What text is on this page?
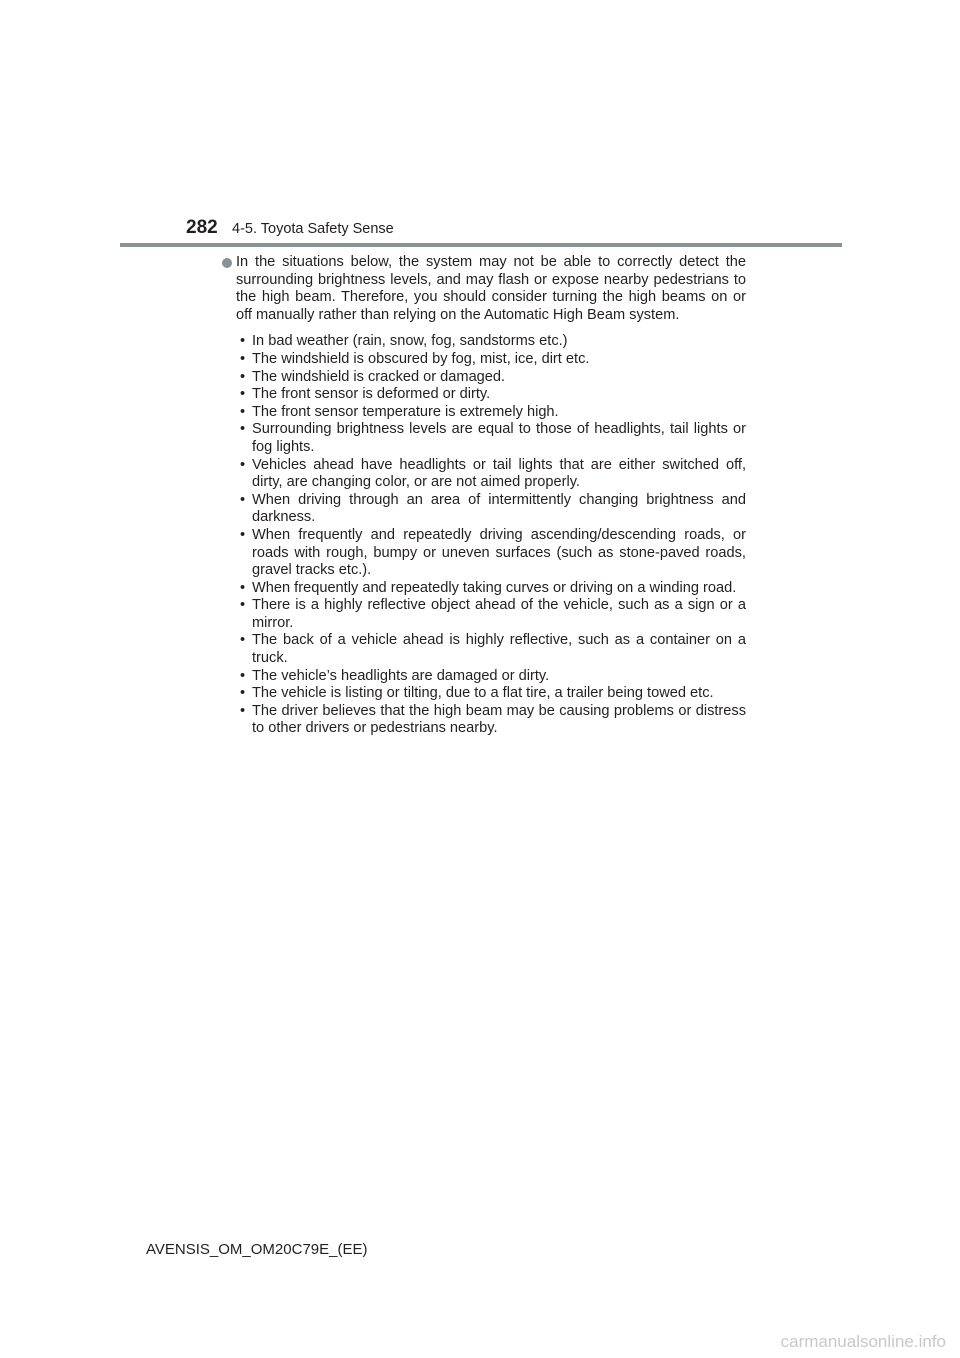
282 4-5. Toyota Safety Sense
In the situations below, the system may not be able to correctly detect the surrounding brightness levels, and may flash or expose nearby pedestrians to the high beam. Therefore, you should consider turning the high beams on or off manually rather than relying on the Automatic High Beam system.
• In bad weather (rain, snow, fog, sandstorms etc.)
• The windshield is obscured by fog, mist, ice, dirt etc.
• The windshield is cracked or damaged.
• The front sensor is deformed or dirty.
• The front sensor temperature is extremely high.
• Surrounding brightness levels are equal to those of headlights, tail lights or fog lights.
• Vehicles ahead have headlights or tail lights that are either switched off, dirty, are changing color, or are not aimed properly.
• When driving through an area of intermittently changing brightness and darkness.
• When frequently and repeatedly driving ascending/descending roads, or roads with rough, bumpy or uneven surfaces (such as stone-paved roads, gravel tracks etc.).
• When frequently and repeatedly taking curves or driving on a winding road.
• There is a highly reflective object ahead of the vehicle, such as a sign or a mirror.
• The back of a vehicle ahead is highly reflective, such as a container on a truck.
• The vehicle’s headlights are damaged or dirty.
• The vehicle is listing or tilting, due to a flat tire, a trailer being towed etc.
• The driver believes that the high beam may be causing problems or distress to other drivers or pedestrians nearby.
AVENSIS_OM_OM20C79E_(EE)
carmanualsonline.info
